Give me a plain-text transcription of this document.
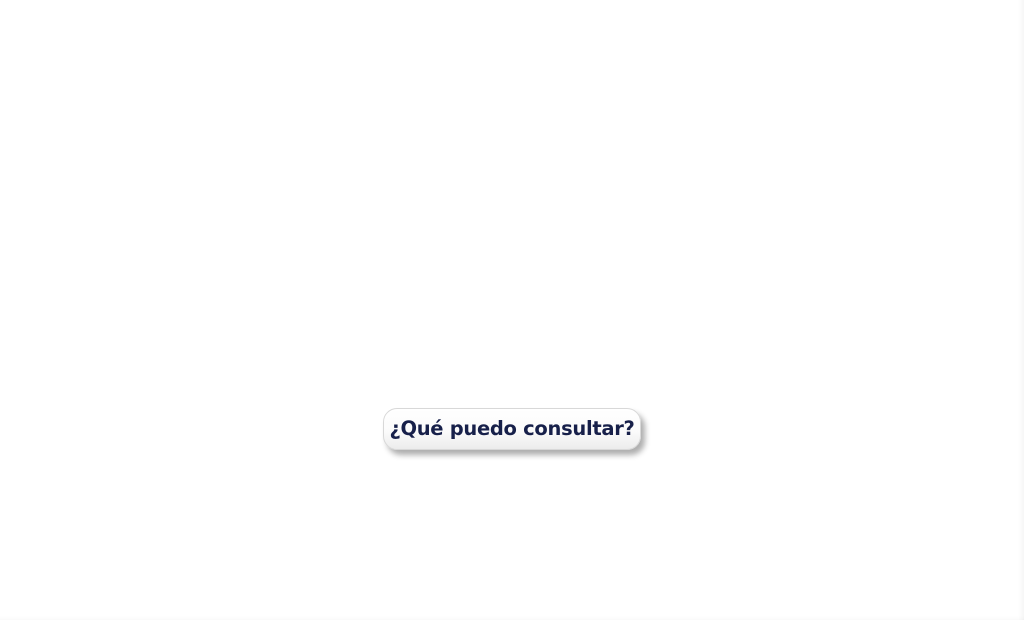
¿Qué puedo consultar?
